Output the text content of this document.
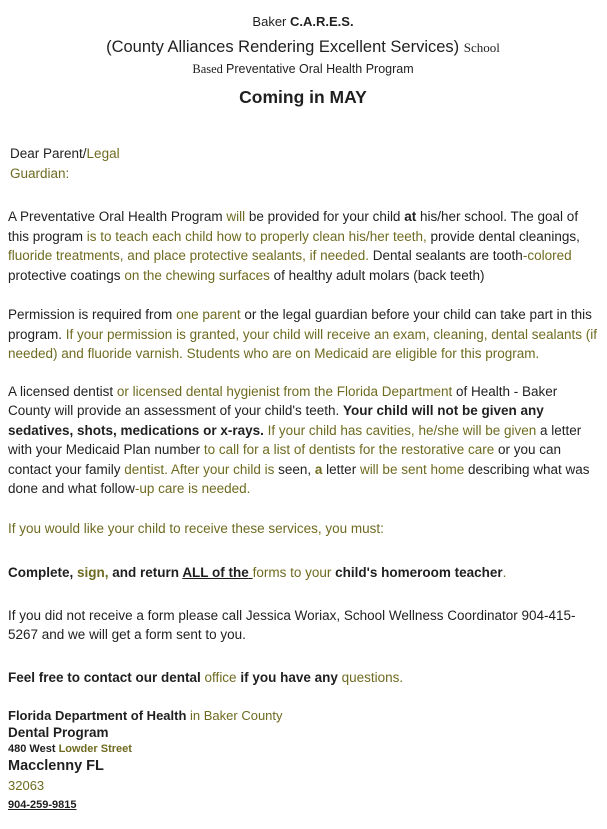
Baker C.A.R.E.S.
(County Alliances Rendering Excellent Services) School
Based Preventative Oral Health Program
Coming in MAY

Dear Parent/Legal
Guardian:

A Preventative Oral Health Program will be provided for your child at his/her school. The goal of this program is to teach each child how to properly clean his/her teeth, provide dental cleanings, fluoride treatments, and place protective sealants, if needed. Dental sealants are tooth-colored protective coatings on the chewing surfaces of healthy adult molars (back teeth)

Permission is required from one parent or the legal guardian before your child can take part in this program. If your permission is granted, your child will receive an exam, cleaning, dental sealants (if needed) and fluoride varnish. Students who are on Medicaid are eligible for this program.

A licensed dentist or licensed dental hygienist from the Florida Department of Health - Baker County will provide an assessment of your child's teeth. Your child will not be given any sedatives, shots, medications or x-rays. If your child has cavities, he/she will be given a letter with your Medicaid Plan number to call for a list of dentists for the restorative care or you can contact your family dentist. After your child is seen, a letter will be sent home describing what was done and what follow-up care is needed.

If you would like your child to receive these services, you must:

Complete, sign, and return ALL of the forms to your child's homeroom teacher.

If you did not receive a form please call Jessica Woriax, School Wellness Coordinator 904-415-5267 and we will get a form sent to you.

Feel free to contact our dental office if you have any questions.

Florida Department of Health in Baker County
Dental Program
480 West Lowder Street
Macclenny FL
32063
904-259-9815
